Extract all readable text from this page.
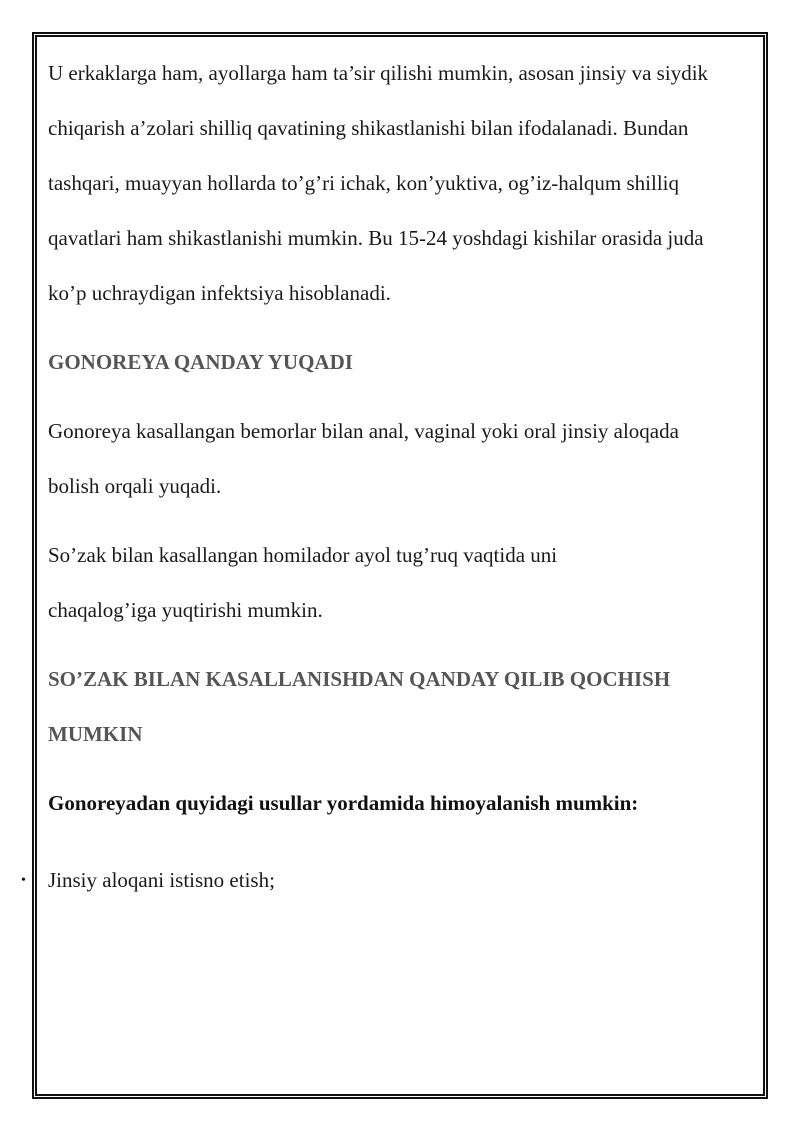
U erkaklarga ham, ayollarga ham ta’sir qilishi mumkin, asosan jinsiy va siydik chiqarish a’zolari shilliq qavatining shikastlanishi bilan ifodalanadi. Bundan tashqari, muayyan hollarda to’g’ri ichak, kon’yuktiva, og’iz-halqum shilliq qavatlari ham shikastlanishi mumkin. Bu 15-24 yoshdagi kishilar orasida juda ko’p uchraydigan infektsiya hisoblanadi.

GONOREYA QANDAY YUQADI

Gonoreya kasallangan bemorlar bilan anal, vaginal yoki oral jinsiy aloqada bolish orqali yuqadi.

So’zak bilan kasallangan homilador ayol tug’ruq vaqtida uni chaqalog’iga yuqtirishi mumkin.

SO’ZAK BILAN KASALLANISHDAN QANDAY QILIB QOCHISH MUMKIN

Gonoreyadan quyidagi usullar yordamida himoyalanish mumkin:

• Jinsiy aloqani istisno etish;
